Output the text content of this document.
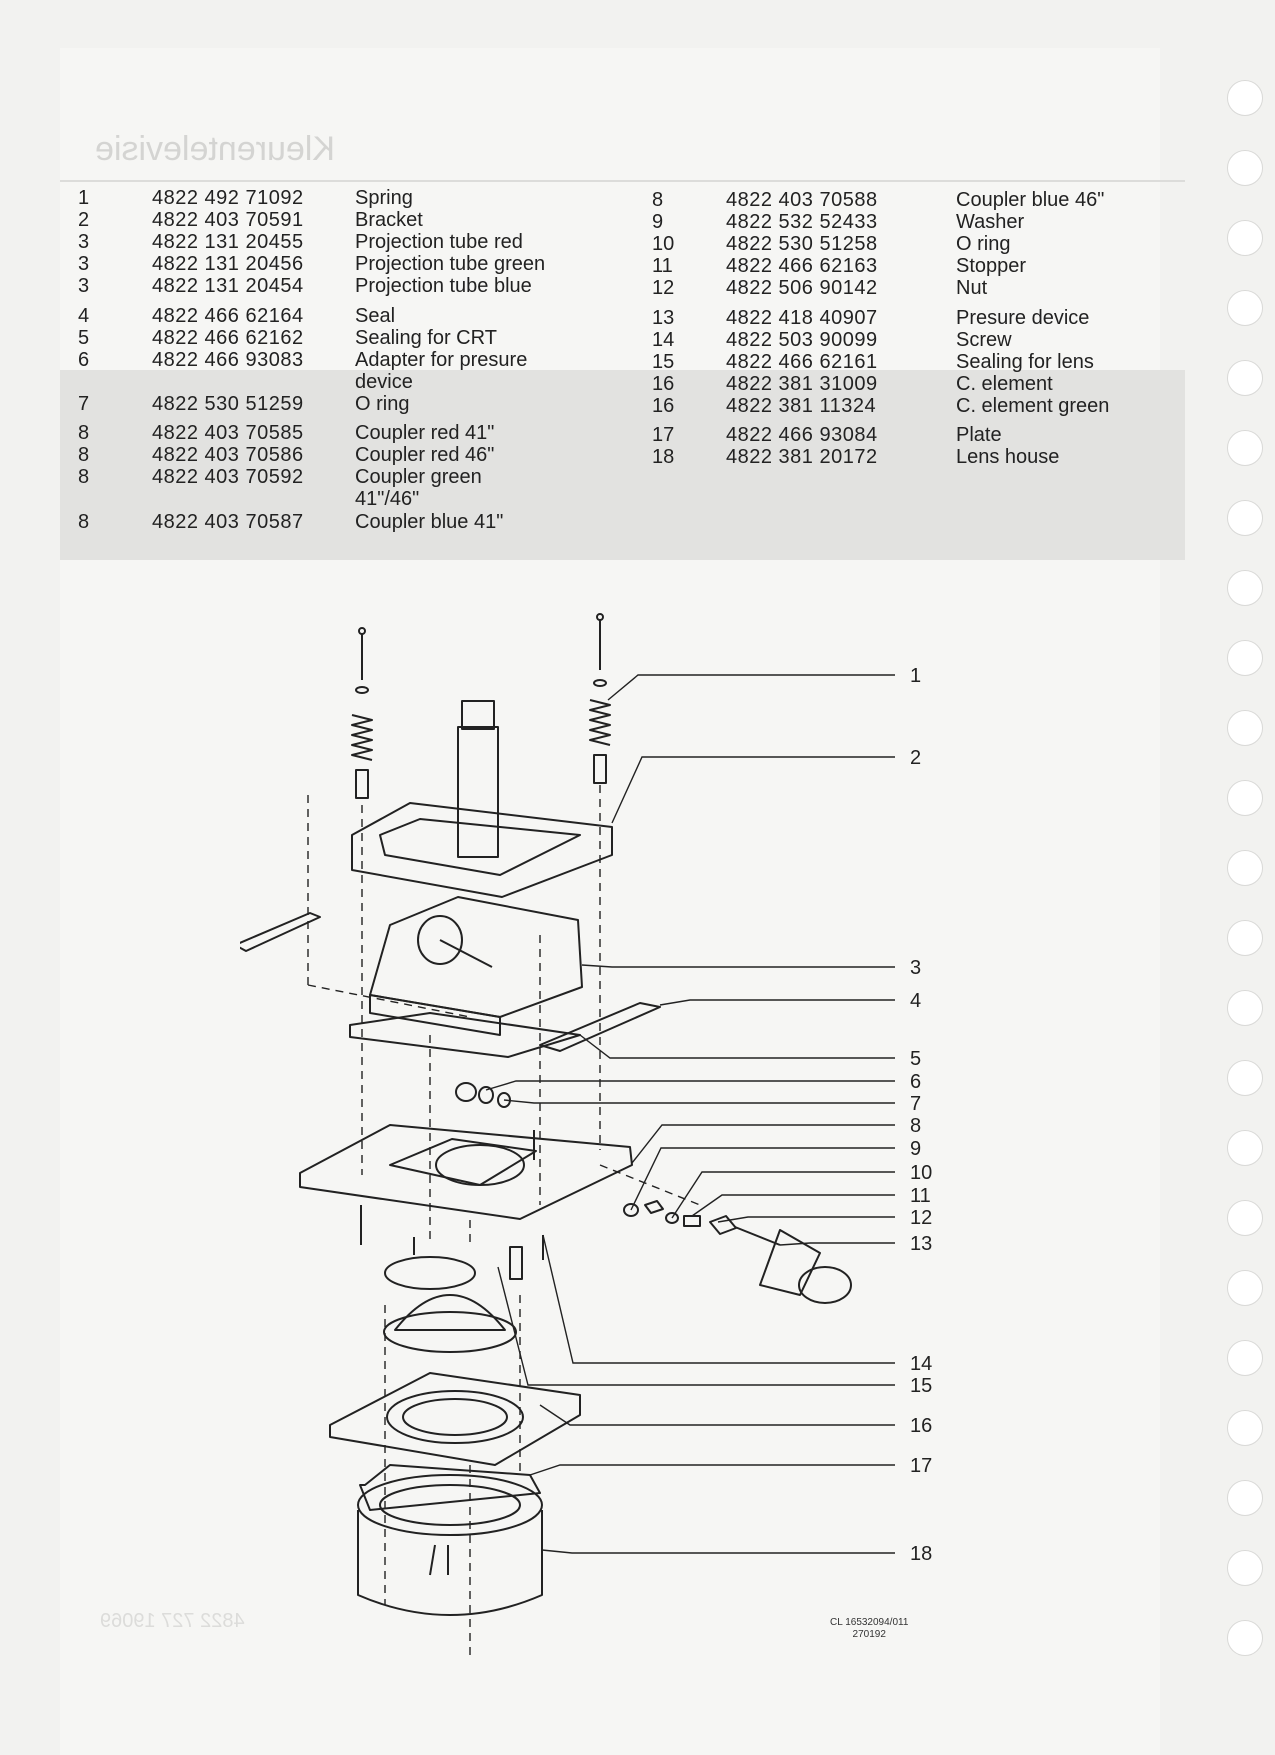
Kleurentelevisie
4822 727 19069
1	4822 492 71092	Spring
2	4822 403 70591	Bracket
3	4822 131 20455	Projection tube red
3	4822 131 20456	Projection tube green
3	4822 131 20454	Projection tube blue
4	4822 466 62164	Seal
5	4822 466 62162	Sealing for CRT
6	4822 466 93083	Adapter for presure
device
7	4822 530 51259	O ring
8	4822 403 70585	Coupler red 41"
8	4822 403 70586	Coupler red 46"
8	4822 403 70592	Coupler green
41"/46"
8	4822 403 70587	Coupler blue 41"
8	4822 403 70588	Coupler blue 46"
9	4822 532 52433	Washer
10	4822 530 51258	O ring
11	4822 466 62163	Stopper
12	4822 506 90142	Nut
13	4822 418 40907	Presure device
14	4822 503 90099	Screw
15	4822 466 62161	Sealing for lens
16	4822 381 31009	C. element
16	4822 381 11324	C. element green
17	4822 466 93084	Plate
18	4822 381 20172	Lens house
1
2
3
4
5
6
7
8
9
10
11
12
13
14
15
16
17
18
CL 16532094/011
270192
